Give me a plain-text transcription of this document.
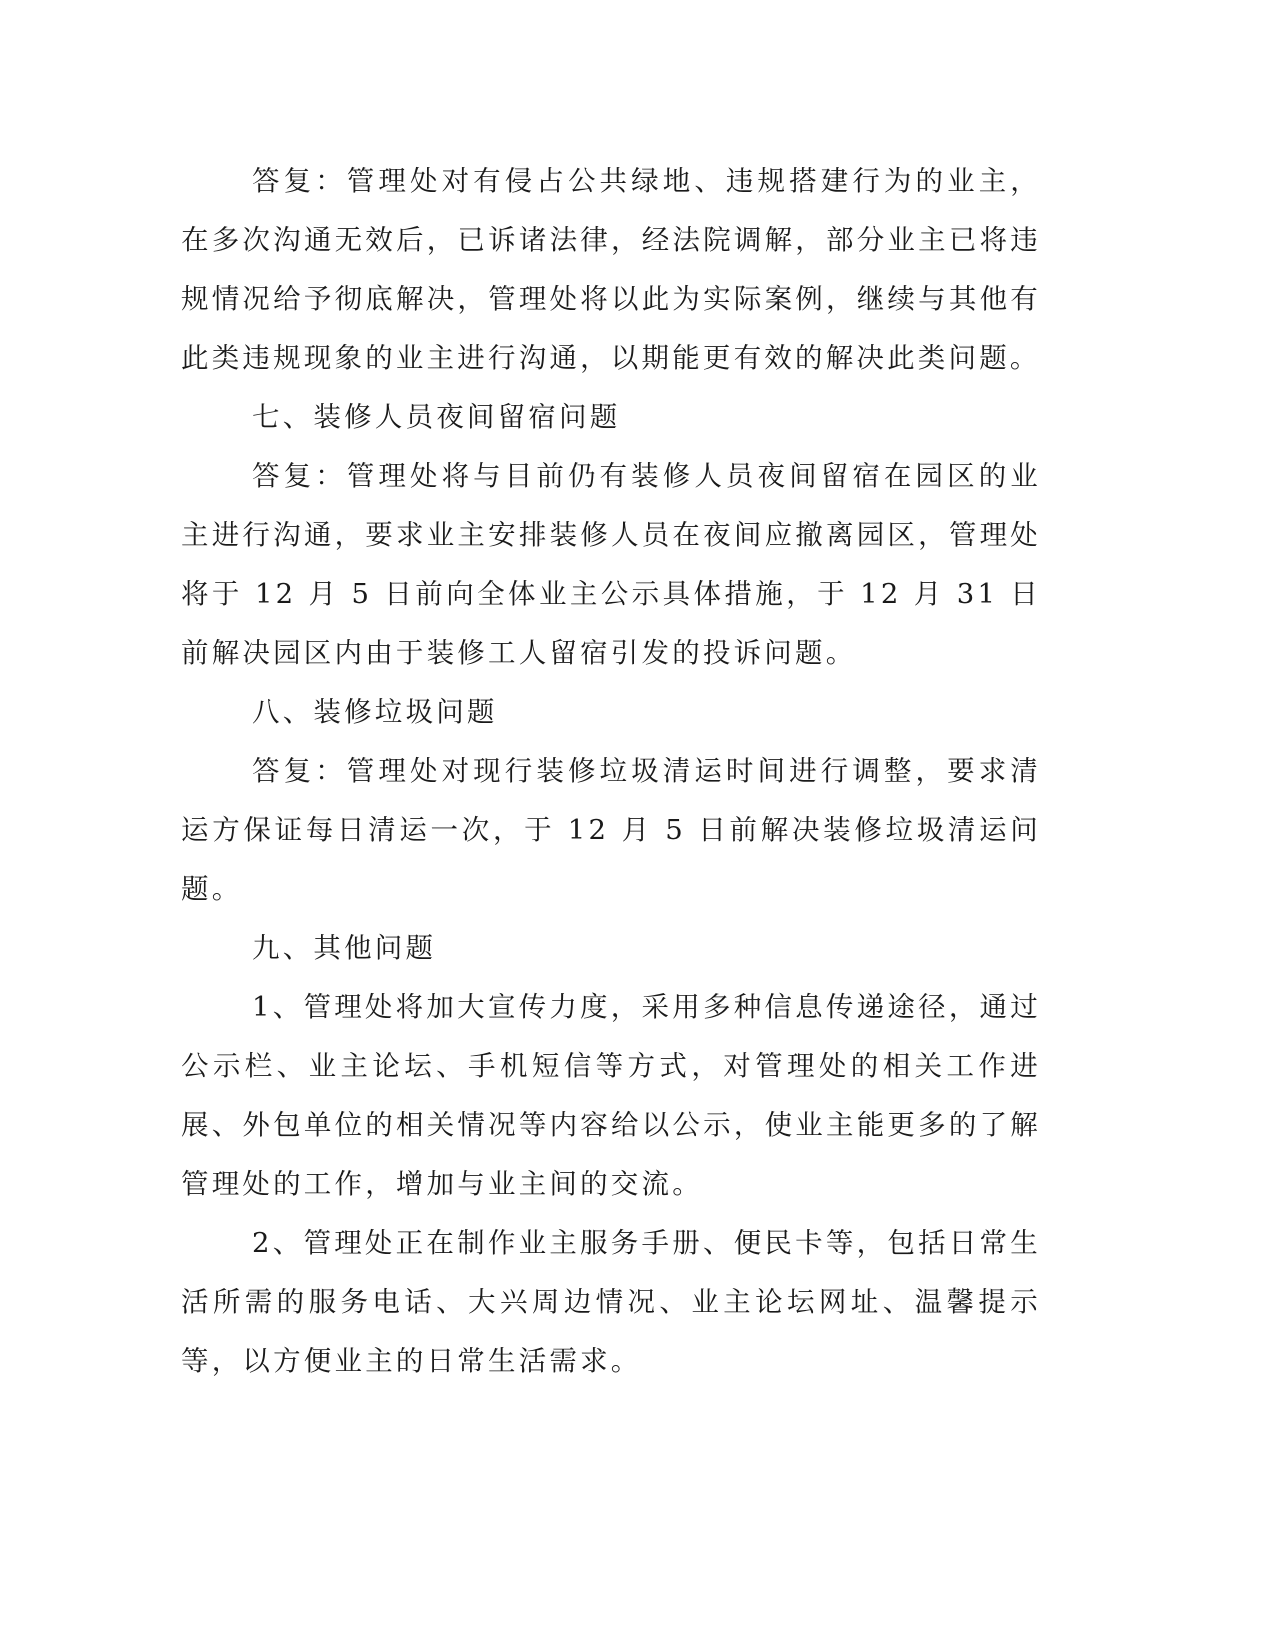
答复：管理处对有侵占公共绿地、违规搭建行为的业主，在多次沟通无效后，已诉诸法律，经法院调解，部分业主已将违规情况给予彻底解决，管理处将以此为实际案例，继续与其他有此类违规现象的业主进行沟通，以期能更有效的解决此类问题。

七、装修人员夜间留宿问题

答复：管理处将与目前仍有装修人员夜间留宿在园区的业主进行沟通，要求业主安排装修人员在夜间应撤离园区，管理处将于 12 月 5 日前向全体业主公示具体措施，于 12 月 31 日前解决园区内由于装修工人留宿引发的投诉问题。

八、装修垃圾问题

答复：管理处对现行装修垃圾清运时间进行调整，要求清运方保证每日清运一次，于 12 月 5 日前解决装修垃圾清运问题。

九、其他问题

1、管理处将加大宣传力度，采用多种信息传递途径，通过公示栏、业主论坛、手机短信等方式，对管理处的相关工作进展、外包单位的相关情况等内容给以公示，使业主能更多的了解管理处的工作，增加与业主间的交流。

2、管理处正在制作业主服务手册、便民卡等，包括日常生活所需的服务电话、大兴周边情况、业主论坛网址、温馨提示等，以方便业主的日常生活需求。
